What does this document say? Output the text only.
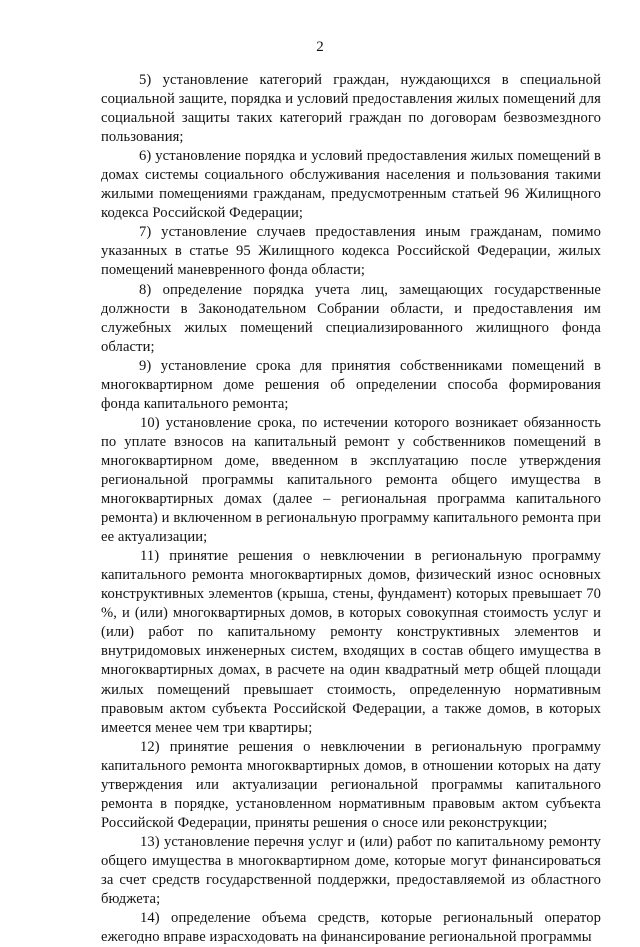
2

5) установление категорий граждан, нуждающихся в специальной социальной защите, порядка и условий предоставления жилых помещений для социальной защиты таких категорий граждан по договорам безвозмездного пользования;

6) установление порядка и условий предоставления жилых помещений в домах системы социального обслуживания населения и пользования такими жилыми помещениями гражданам, предусмотренным статьей 96 Жилищного кодекса Российской Федерации;

7) установление случаев предоставления иным гражданам, помимо указанных в статье 95 Жилищного кодекса Российской Федерации, жилых помещений маневренного фонда области;

8) определение порядка учета лиц, замещающих государственные должности в Законодательном Собрании области, и предоставления им служебных жилых помещений специализированного жилищного фонда области;

9) установление срока для принятия собственниками помещений в многоквартирном доме решения об определении способа формирования фонда капитального ремонта;

10) установление срока, по истечении которого возникает обязанность по уплате взносов на капитальный ремонт у собственников помещений в многоквартирном доме, введенном в эксплуатацию после утверждения региональной программы капитального ремонта общего имущества в многоквартирных домах (далее – региональная программа капитального ремонта) и включенном в региональную программу капитального ремонта при ее актуализации;

11) принятие решения о невключении в региональную программу капитального ремонта многоквартирных домов, физический износ основных конструктивных элементов (крыша, стены, фундамент) которых превышает 70 %, и (или) многоквартирных домов, в которых совокупная стоимость услуг и (или) работ по капитальному ремонту конструктивных элементов и внутридомовых инженерных систем, входящих в состав общего имущества в многоквартирных домах, в расчете на один квадратный метр общей площади жилых помещений превышает стоимость, определенную нормативным правовым актом субъекта Российской Федерации, а также домов, в которых имеется менее чем три квартиры;

12) принятие решения о невключении в региональную программу капитального ремонта многоквартирных домов, в отношении которых на дату утверждения или актуализации региональной программы капитального ремонта в порядке, установленном нормативным правовым актом субъекта Российской Федерации, приняты решения о сносе или реконструкции;

13) установление перечня услуг и (или) работ по капитальному ремонту общего имущества в многоквартирном доме, которые могут финансироваться за счет средств государственной поддержки, предоставляемой из областного бюджета;

14) определение объема средств, которые региональный оператор ежегодно вправе израсходовать на финансирование региональной программы
